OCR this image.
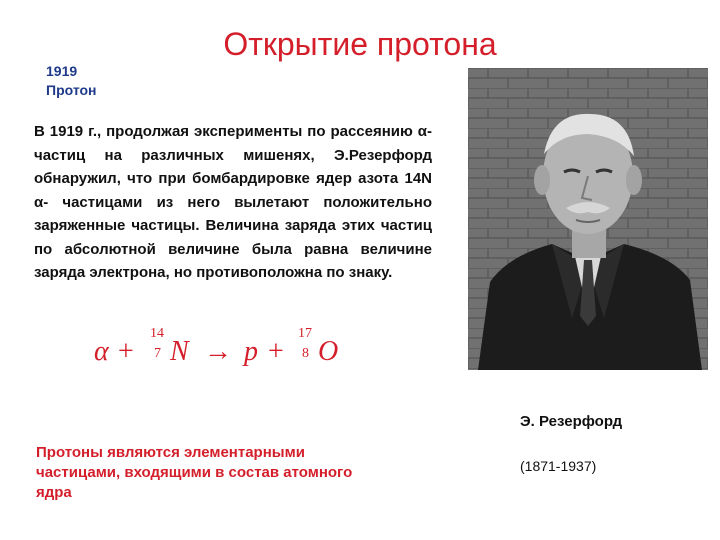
Открытие протона
1919
Протон
В 1919 г., продолжая эксперименты по рассеянию α-частиц на различных мишенях, Э.Резерфорд обнаружил, что при бомбардировке ядер азота 14N α- частицами из него вылетают положительно заряженные частицы. Величина заряда этих частиц по абсолютной величине была равна величине заряда электрона, но противоположна по знаку.
α +
14
7 N → p +
17
8 O
Э. Резерфорд
(1871-1937)
Протоны являются элементарными частицами, входящими в состав атомного ядра
